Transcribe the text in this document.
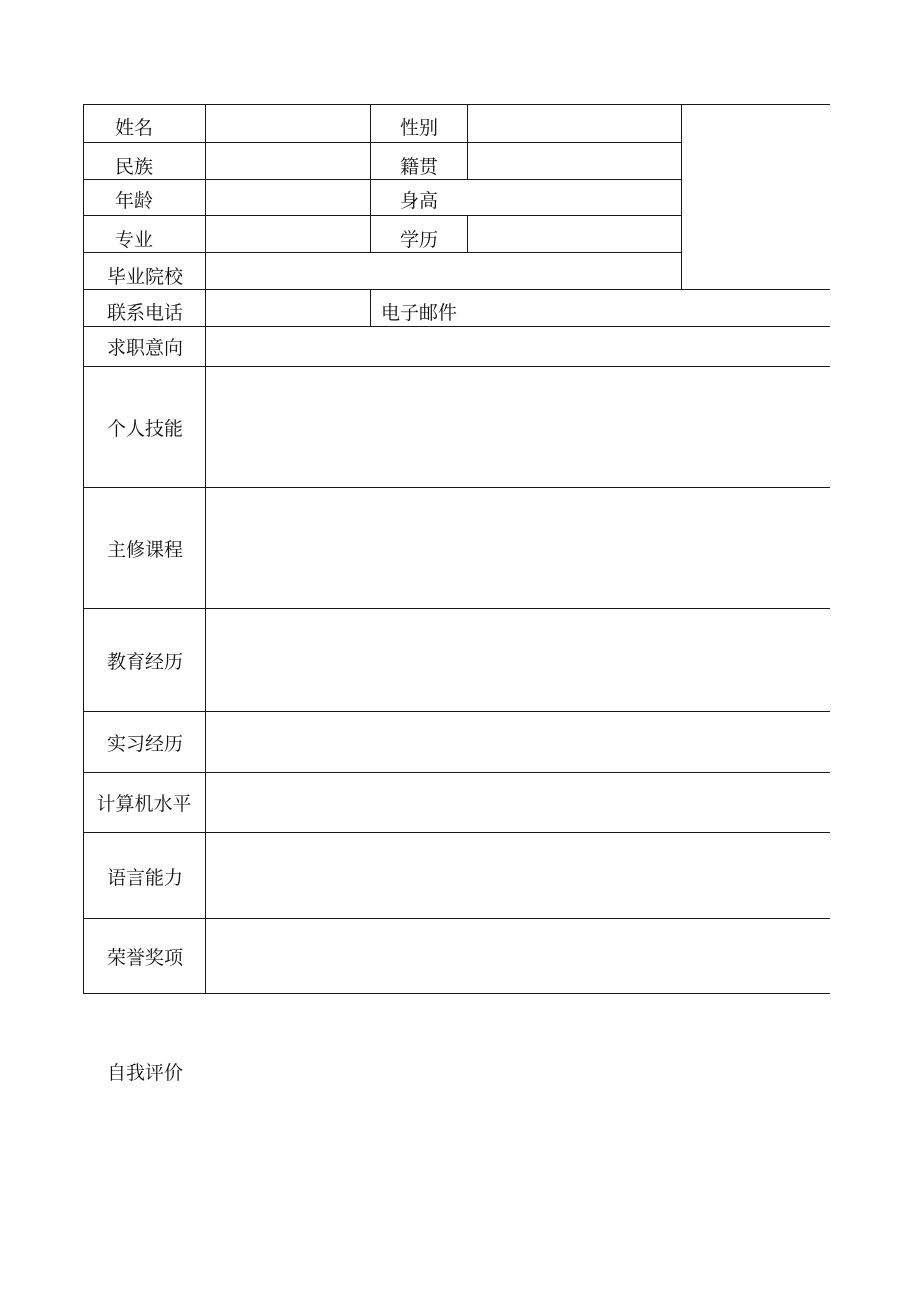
姓名	性别
民族	籍贯
年龄	身高
专业	学历
毕业院校
联系电话	电子邮件
求职意向
个人技能
主修课程
教育经历
实习经历
计算机水平
语言能力
荣誉奖项
自我评价
